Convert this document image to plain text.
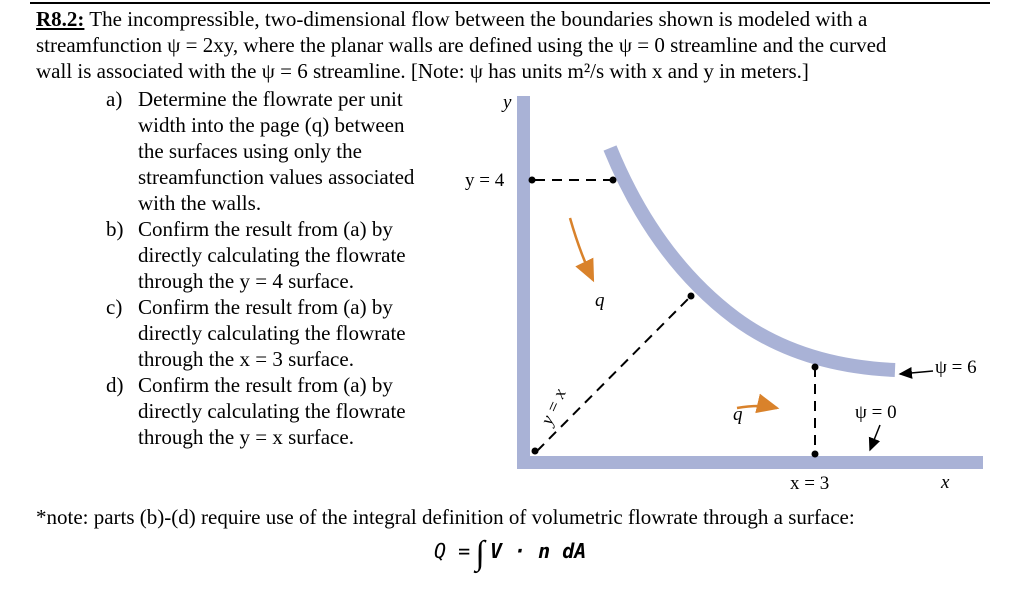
R8.2: The incompressible, two-dimensional flow between the boundaries shown is modeled with a
streamfunction ψ = 2xy, where the planar walls are defined using the ψ = 0 streamline and the curved
wall is associated with the ψ = 6 streamline. [Note: ψ has units m²/s with x and y in meters.]
a) Determine the flowrate per unit
width into the page (q) between
the surfaces using only the
streamfunction values associated
with the walls.
b) Confirm the result from (a) by
directly calculating the flowrate
through the y = 4 surface.
c) Confirm the result from (a) by
directly calculating the flowrate
through the x = 3 surface.
d) Confirm the result from (a) by
directly calculating the flowrate
through the y = x surface.
y
x
y = 4
x = 3
y = x
q
q
ψ = 6
ψ = 0
*note: parts (b)-(d) require use of the integral definition of volumetric flowrate through a surface:
Q = ∫ V · n dA
